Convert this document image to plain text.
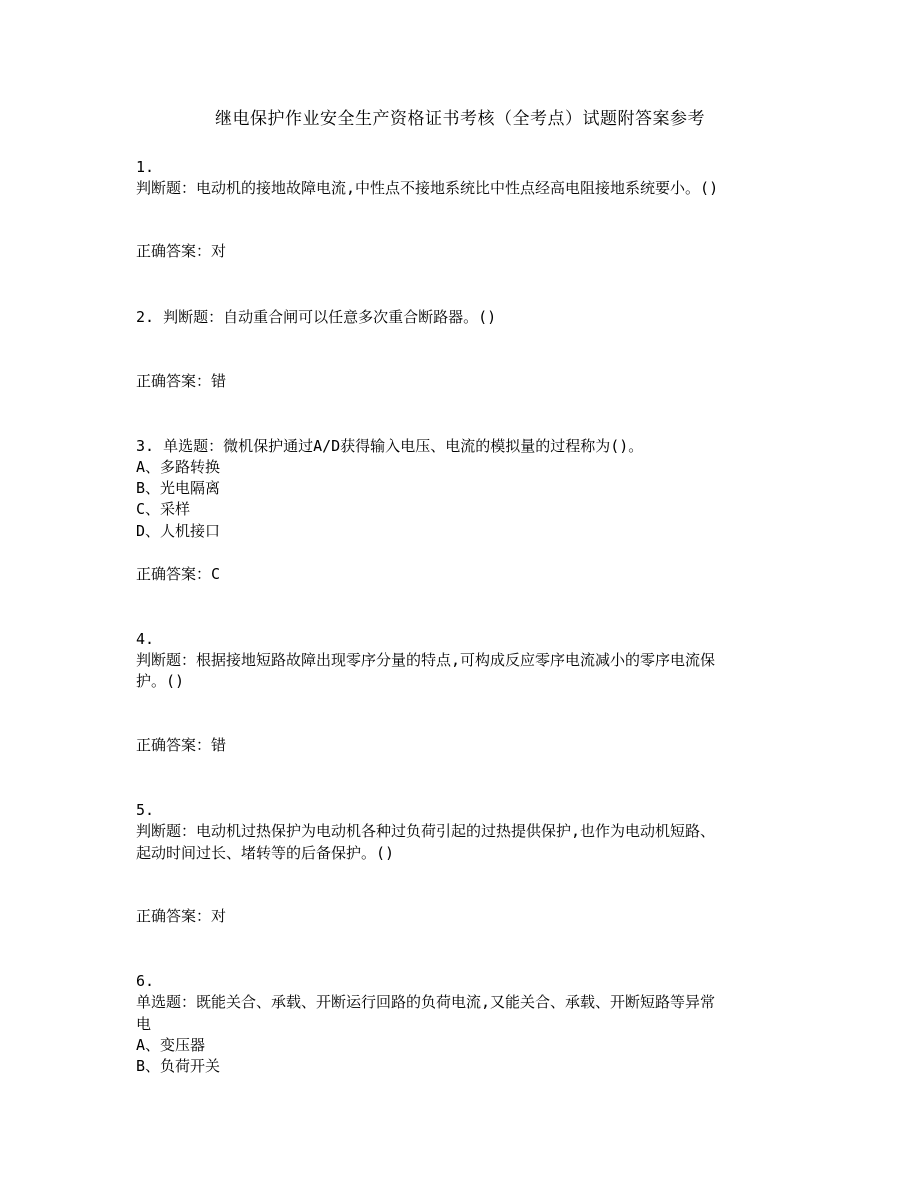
继电保护作业安全生产资格证书考核（全考点）试题附答案参考
1.
判断题：电动机的接地故障电流,中性点不接地系统比中性点经高电阻接地系统要小。()
正确答案：对
2. 判断题：自动重合闸可以任意多次重合断路器。()
正确答案：错
3. 单选题：微机保护通过A/D获得输入电压、电流的模拟量的过程称为()。
A、多路转换
B、光电隔离
C、采样
D、人机接口
正确答案：C
4.
判断题：根据接地短路故障出现零序分量的特点,可构成反应零序电流减小的零序电流保
护。()
正确答案：错
5.
判断题：电动机过热保护为电动机各种过负荷引起的过热提供保护,也作为电动机短路、
起动时间过长、堵转等的后备保护。()
正确答案：对
6.
单选题：既能关合、承载、开断运行回路的负荷电流,又能关合、承载、开断短路等异常
电
A、变压器
B、负荷开关
